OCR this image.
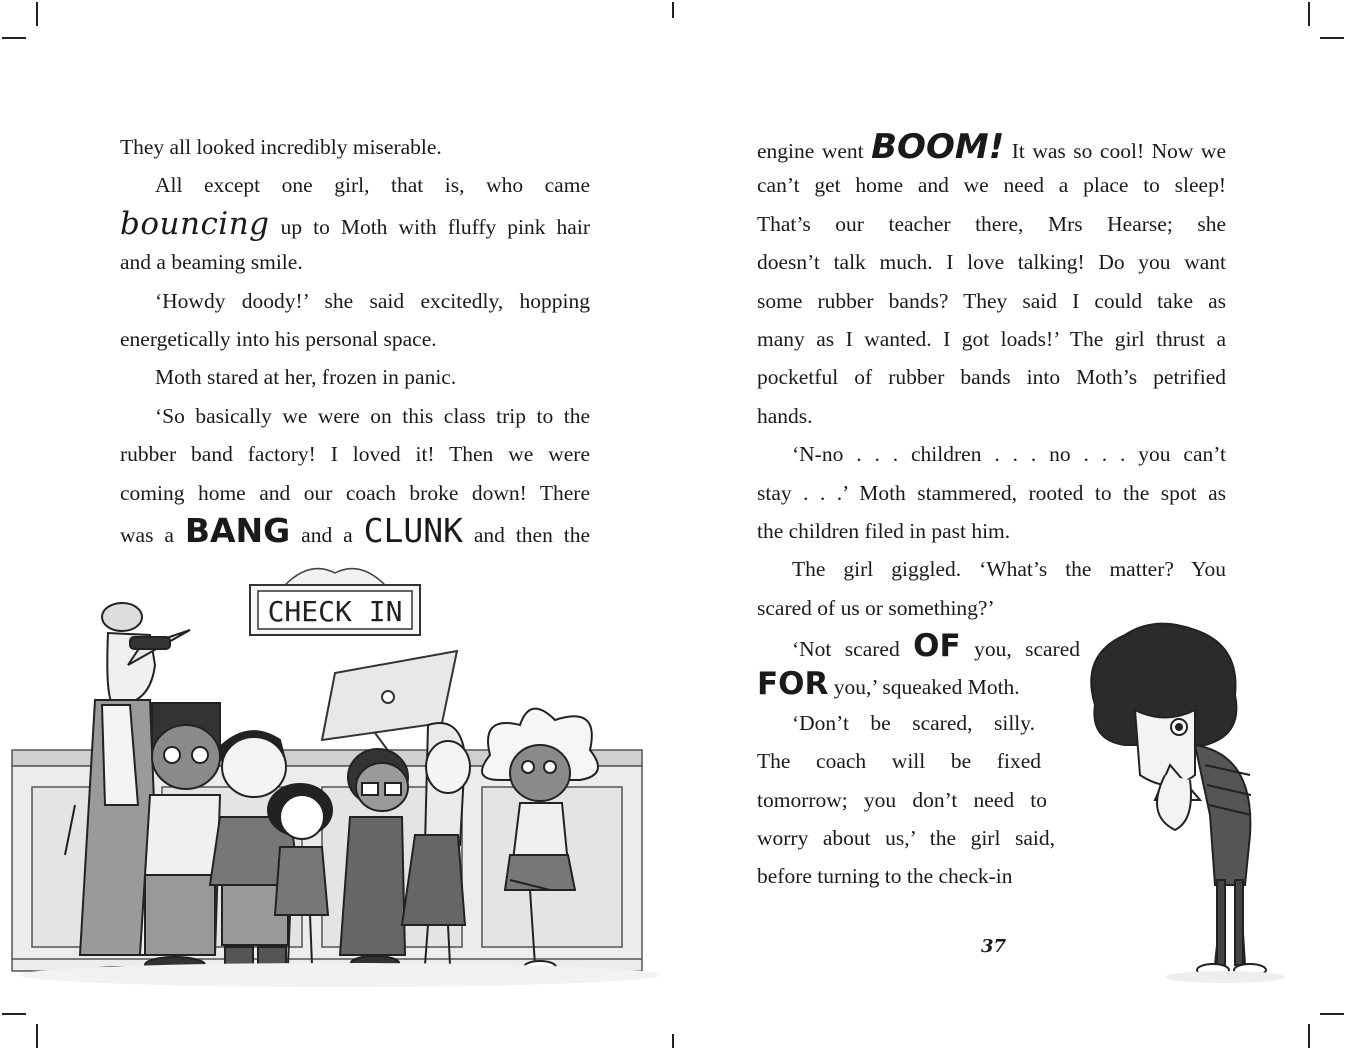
They all looked incredibly miserable.

All except one girl, that is, who came

bouncing up to Moth with fluffy pink hair

and a beaming smile.

‘Howdy doody!’ she said excitedly, hopping

energetically into his personal space.

Moth stared at her, frozen in panic.

‘So basically we were on this class trip to the

rubber band factory! I loved it! Then we were

coming home and our coach broke down! There

was a BANG and a CLUNK and then the

engine went BOOM! It was so cool! Now we

can’t get home and we need a place to sleep!

That’s our teacher there, Mrs Hearse; she

doesn’t talk much. I love talking! Do you want

some rubber bands? They said I could take as

many as I wanted. I got loads!’ The girl thrust a

pocketful of rubber bands into Moth’s petrified

hands.

‘N-no . . . children . . . no . . . you can’t

stay . . .’ Moth stammered, rooted to the spot as

the children filed in past him.

The girl giggled. ‘What’s the matter? You

scared of us or something?’

‘Not scared OF you, scared

FOR you,’ squeaked Moth.

‘Don’t be scared, silly.

The coach will be fixed

tomorrow; you don’t need to

worry about us,’ the girl said,

before turning to the check-in

37
CHECK IN
